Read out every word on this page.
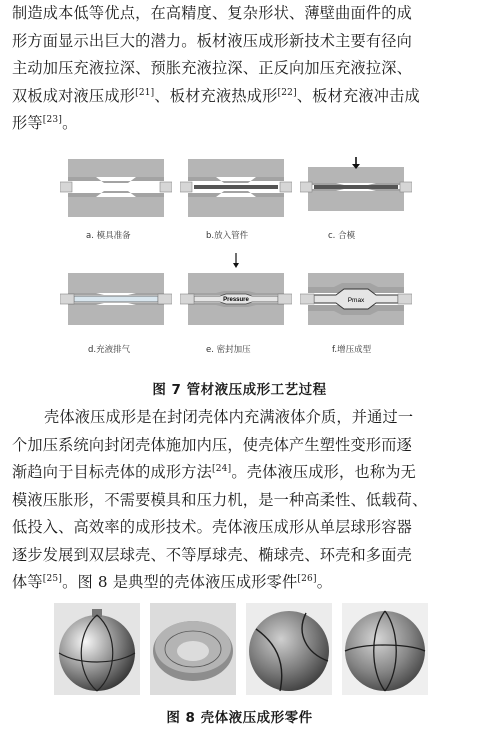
制造成本低等优点，在高精度、复杂形状、薄壁曲面件的成
形方面显示出巨大的潜力。板材液压成形新技术主要有径向
主动加压充液拉深、预胀充液拉深、正反向加压充液拉深、
双板成对液压成形[21]、板材充液热成形[22]、板材充液冲击成
形等[23]。
a. 模具准备	b.放入管件	c. 合模
d.充液排气
Pressure
e. 密封加压
Pmax
f.增压成型
图 7 管材液压成形工艺过程
壳体液压成形是在封闭壳体内充满液体介质，并通过一
个加压系统向封闭壳体施加内压，使壳体产生塑性变形而逐
渐趋向于目标壳体的成形方法[24]。壳体液压成形，也称为无
模液压胀形，不需要模具和压力机，是一种高柔性、低载荷、
低投入、高效率的成形技术。壳体液压成形从单层球形容器
逐步发展到双层球壳、不等厚球壳、椭球壳、环壳和多面壳
体等[25]。图 8 是典型的壳体液压成形零件[26]。
图 8 壳体液压成形零件
